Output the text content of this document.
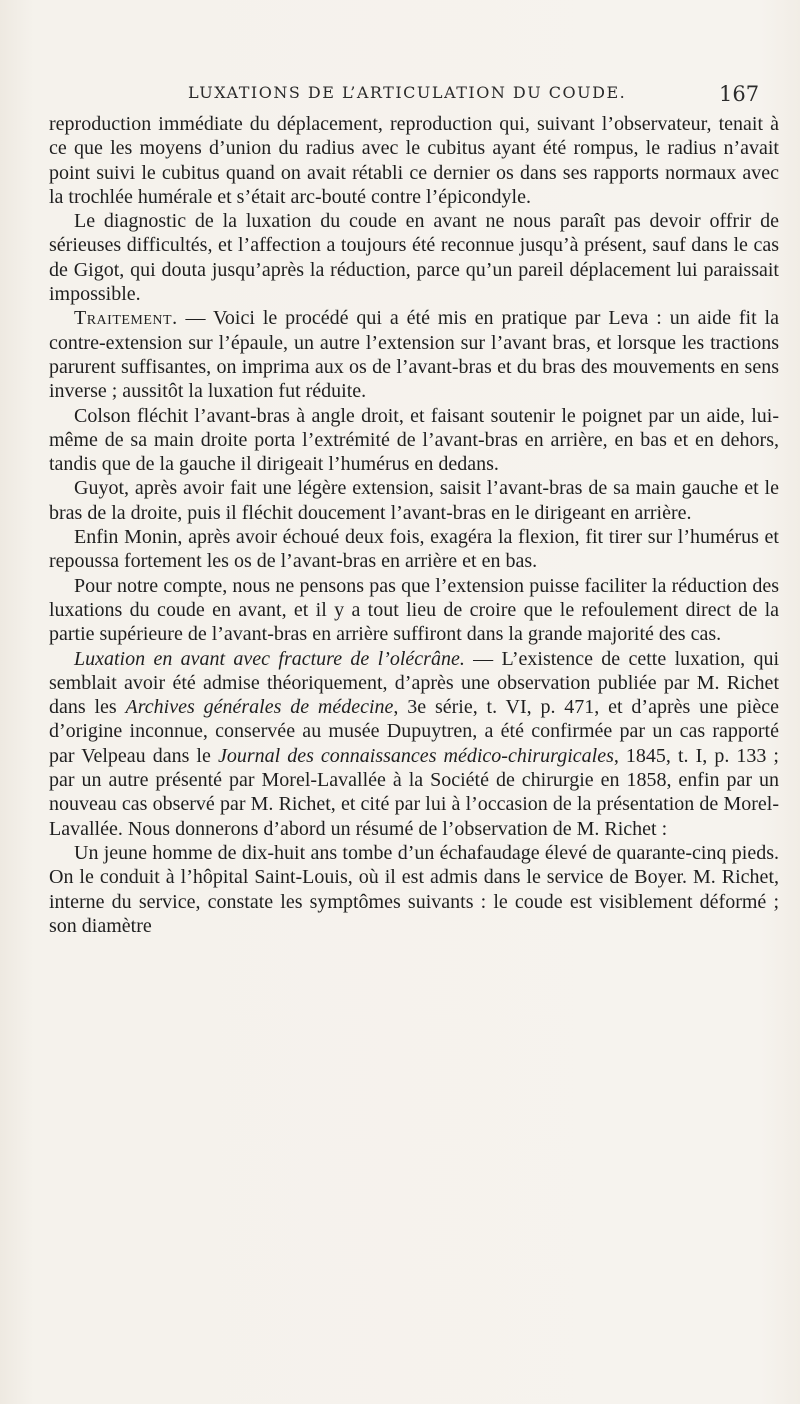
LUXATIONS DE L’ARTICULATION DU COUDE.	167

reproduction immédiate du déplacement, reproduction qui, suivant l’observateur, tenait à ce que les moyens d’union du radius avec le cubitus ayant été rompus, le radius n’avait point suivi le cubitus quand on avait rétabli ce dernier os dans ses rapports normaux avec la trochlée humérale et s’était arc-bouté contre l’épicondyle.

Le diagnostic de la luxation du coude en avant ne nous paraît pas devoir offrir de sérieuses difficultés, et l’affection a toujours été reconnue jusqu’à présent, sauf dans le cas de Gigot, qui douta jusqu’après la réduction, parce qu’un pareil déplacement lui paraissait impossible.

Traitement. — Voici le procédé qui a été mis en pratique par Leva : un aide fit la contre-extension sur l’épaule, un autre l’extension sur l’avant bras, et lorsque les tractions parurent suffisantes, on imprima aux os de l’avant-bras et du bras des mouvements en sens inverse ; aussitôt la luxation fut réduite.

Colson fléchit l’avant-bras à angle droit, et faisant soutenir le poignet par un aide, lui-même de sa main droite porta l’extrémité de l’avant-bras en arrière, en bas et en dehors, tandis que de la gauche il dirigeait l’humérus en dedans.

Guyot, après avoir fait une légère extension, saisit l’avant-bras de sa main gauche et le bras de la droite, puis il fléchit doucement l’avant-bras en le dirigeant en arrière.

Enfin Monin, après avoir échoué deux fois, exagéra la flexion, fit tirer sur l’humérus et repoussa fortement les os de l’avant-bras en arrière et en bas.

Pour notre compte, nous ne pensons pas que l’extension puisse faciliter la réduction des luxations du coude en avant, et il y a tout lieu de croire que le refoulement direct de la partie supérieure de l’avant-bras en arrière suffiront dans la grande majorité des cas.

Luxation en avant avec fracture de l’olécrâne. — L’existence de cette luxation, qui semblait avoir été admise théoriquement, d’après une observation publiée par M. Richet dans les Archives générales de médecine, 3e série, t. VI, p. 471, et d’après une pièce d’origine inconnue, conservée au musée Dupuytren, a été confirmée par un cas rapporté par Velpeau dans le Journal des connaissances médico-chirurgicales, 1845, t. I, p. 133 ; par un autre présenté par Morel-Lavallée à la Société de chirurgie en 1858, enfin par un nouveau cas observé par M. Richet, et cité par lui à l’occasion de la présentation de Morel-Lavallée. Nous donnerons d’abord un résumé de l’observation de M. Richet :

Un jeune homme de dix-huit ans tombe d’un échafaudage élevé de quarante-cinq pieds. On le conduit à l’hôpital Saint-Louis, où il est admis dans le service de Boyer. M. Richet, interne du service, constate les symptômes suivants : le coude est visiblement déformé ; son diamètre
